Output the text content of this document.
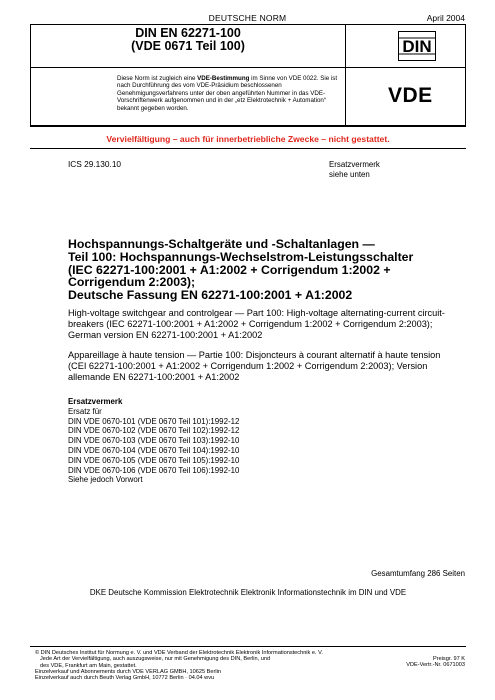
DEUTSCHE NORM	April 2004
DIN EN 62271-100
(VDE 0671 Teil 100)	DIN
Diese Norm ist zugleich eine VDE-Bestimmung im Sinne von VDE 0022. Sie ist nach Durchführung des vom VDE-Präsidium beschlossenen Genehmigungsverfahrens unter der oben angeführten Nummer in das VDE-Vorschriftenwerk aufgenommen und in der „etz Elektrotechnik + Automation“ bekannt gegeben worden.
VDE
Vervielfältigung – auch für innerbetriebliche Zwecke – nicht gestattet.
ICS 29.130.10	Ersatzvermerk
siehe unten
Hochspannungs-Schaltgeräte und -Schaltanlagen —
Teil 100: Hochspannungs-Wechselstrom-Leistungsschalter
(IEC 62271-100:2001 + A1:2002 + Corrigendum 1:2002 +
Corrigendum 2:2003);
Deutsche Fassung EN 62271-100:2001 + A1:2002
High-voltage switchgear and controlgear — Part 100: High-voltage alternating-current circuit-
breakers (IEC 62271-100:2001 + A1:2002 + Corrigendum 1:2002 + Corrigendum 2:2003);
German version EN 62271-100:2001 + A1:2002
Appareillage à haute tension — Partie 100: Disjoncteurs à courant alternatif à haute tension
(CEI 62271-100:2001 + A1:2002 + Corrigendum 1:2002 + Corrigendum 2:2003); Version
allemande EN 62271-100:2001 + A1:2002
Ersatzvermerk
Ersatz für
DIN VDE 0670-101 (VDE 0670 Teil 101):1992-12
DIN VDE 0670-102 (VDE 0670 Teil 102):1992-12
DIN VDE 0670-103 (VDE 0670 Teil 103):1992-10
DIN VDE 0670-104 (VDE 0670 Teil 104):1992-10
DIN VDE 0670-105 (VDE 0670 Teil 105):1992-10
DIN VDE 0670-106 (VDE 0670 Teil 106):1992-10
Siehe jedoch Vorwort
Gesamtumfang 286 Seiten
DKE Deutsche Kommission Elektrotechnik Elektronik Informationstechnik im DIN und VDE
© DIN Deutsches Institut für Normung e. V. und VDE Verband der Elektrotechnik Elektronik Informationstechnik e. V.
Jede Art der Vervielfältigung, auch auszugsweise, nur mit Genehmigung des DIN, Berlin, und
des VDE, Frankfurt am Main, gestattet.
Einzelverkauf und Abonnements durch VDE VERLAG GMBH, 10625 Berlin
Einzelverkauf auch durch Beuth Verlag GmbH, 10772 Berlin · 04.04 wvu
Preisgr. 97 K
VDE-Vertr.-Nr. 0671003
